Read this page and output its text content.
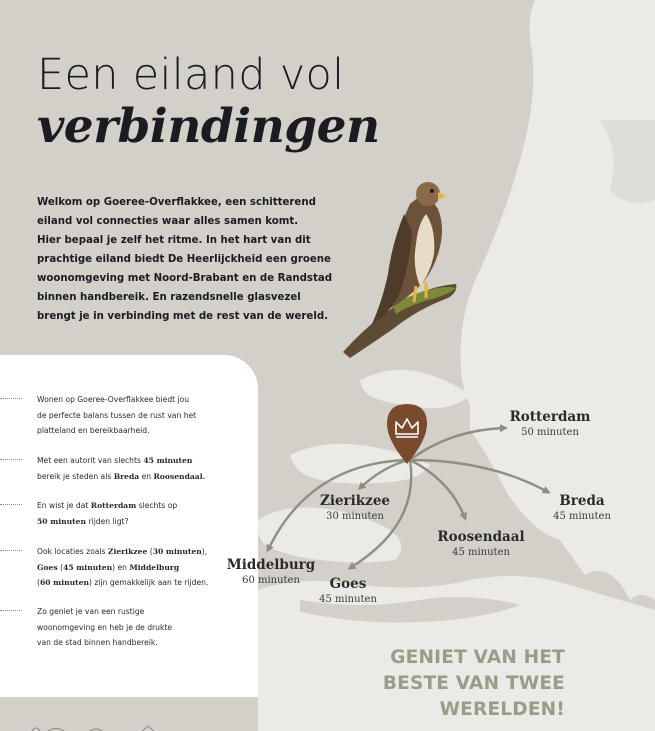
Een eiland vol
verbindingen
Welkom op Goeree-Overflakkee, een schitterend
eiland vol connecties waar alles samen komt.
Hier bepaal je zelf het ritme. In het hart van dit
prachtige eiland biedt De Heerlijckheid een groene
woonomgeving met Noord-Brabant en de Randstad
binnen handbereik. En razendsnelle glasvezel
brengt je in verbinding met de rest van de wereld.
Wonen op Goeree-Overflakkee biedt jou
de perfecte balans tussen de rust van het
platteland en bereikbaarheid.
Met een autorit van slechts 45 minuten
bereik je steden als Breda en Roosendaal.
En wist je dat Rotterdam slechts op
50 minuten rijden ligt?
Ook locaties zoals Zierikzee (30 minuten),
Goes (45 minuten) en Middelburg
(60 minuten) zijn gemakkelijk aan te rijden.
Zo geniet je van een rustige
woonomgeving en heb je de drukte
van de stad binnen handbereik.
Rotterdam
50 minuten
Breda
45 minuten
Zierikzee
30 minuten
Roosendaal
45 minuten
Middelburg
60 minuten	Goes
45 minuten
GENIET VAN HET
BESTE VAN TWEE
WERELDEN!
